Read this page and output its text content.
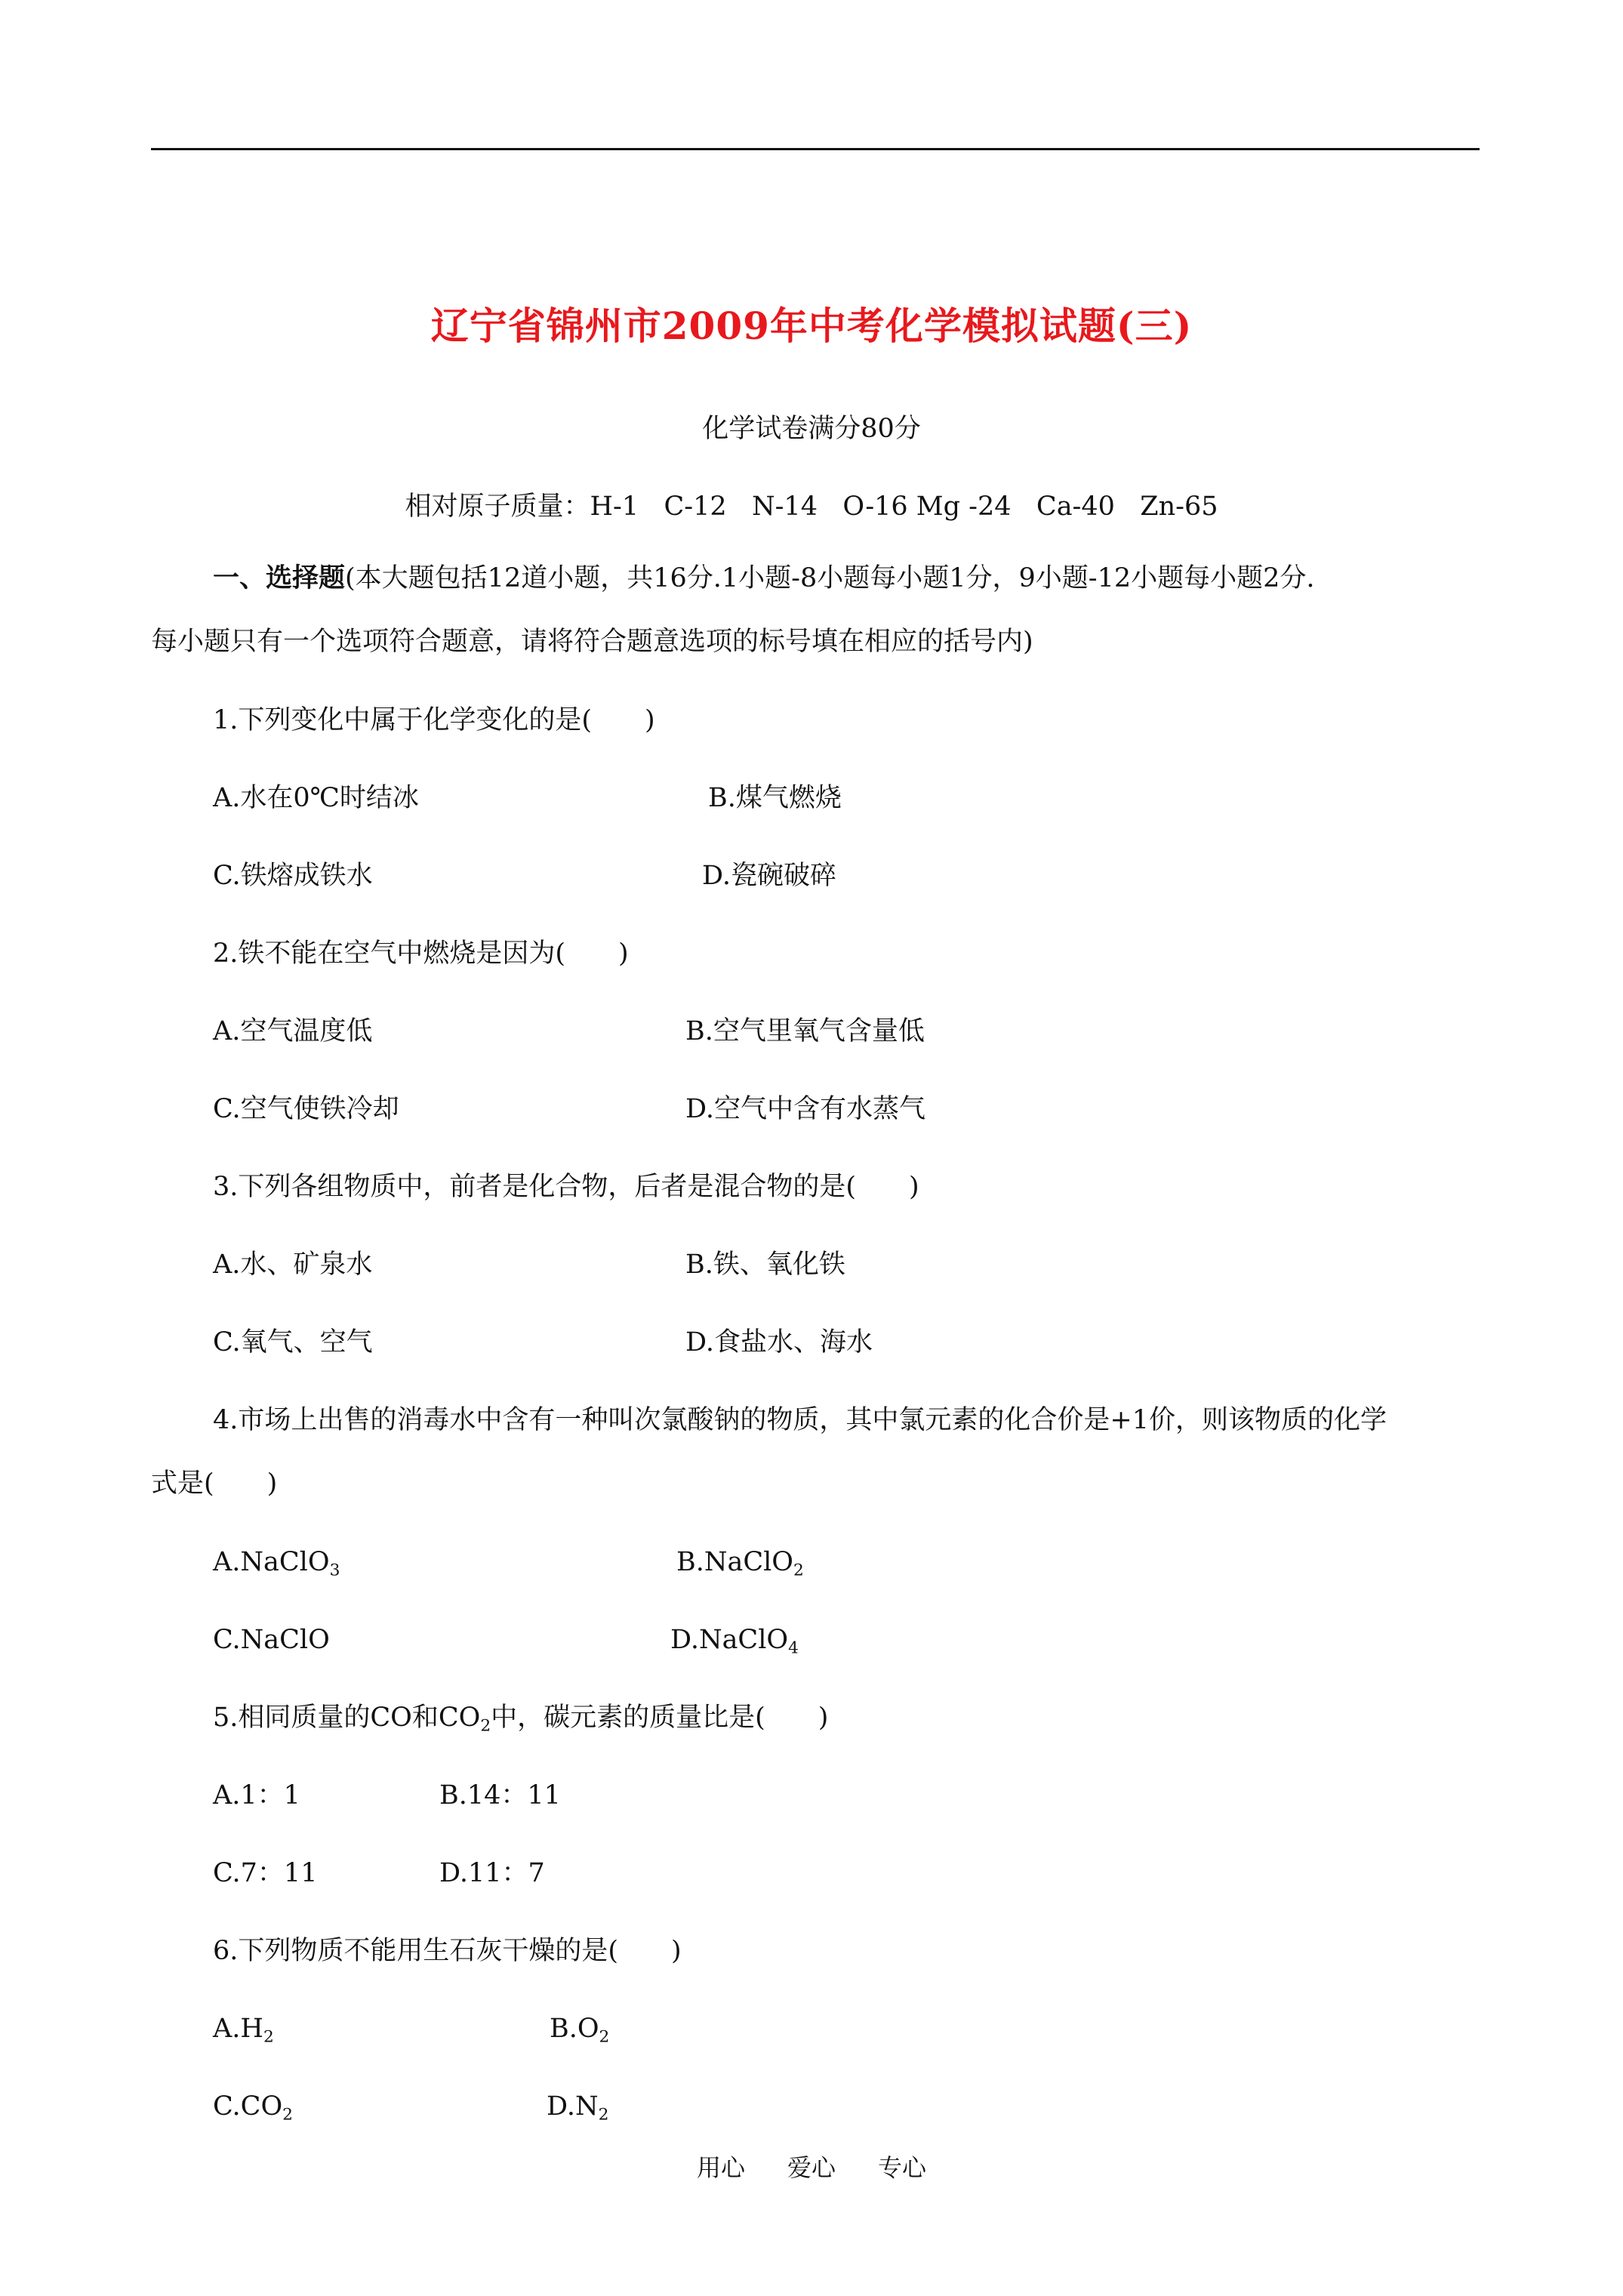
辽宁省锦州市2009年中考化学模拟试题(三)
化学试卷满分80分
相对原子质量：H-1   C-12   N-14   O-16 Mg -24   Ca-40   Zn-65
一、选择题(本大题包括12道小题，共16分.1小题-8小题每小题1分，9小题-12小题每小题2分.
每小题只有一个选项符合题意，请将符合题意选项的标号填在相应的括号内)
1.下列变化中属于化学变化的是(　　)
A.水在0℃时结冰	B.煤气燃烧
C.铁熔成铁水	D.瓷碗破碎
2.铁不能在空气中燃烧是因为(　　)
A.空气温度低	B.空气里氧气含量低
C.空气使铁冷却	D.空气中含有水蒸气
3.下列各组物质中，前者是化合物，后者是混合物的是(　　)
A.水、矿泉水	B.铁、氧化铁
C.氧气、空气	D.食盐水、海水
4.市场上出售的消毒水中含有一种叫次氯酸钠的物质，其中氯元素的化合价是+1价，则该物质的化学
式是(　　)
A.NaClO$_3$	B.NaClO$_2$
C.NaClO	D.NaClO$_4$
5.相同质量的CO和$CO_2$中，碳元素的质量比是(　　)
A.1：1	B.14：11
C.7：11	D.11：7
6.下列物质不能用生石灰干燥的是(　　)
$A.H_2$	$B.O_2$
$C.CO_2$	$D.N_2$
用心 爱心 专心
